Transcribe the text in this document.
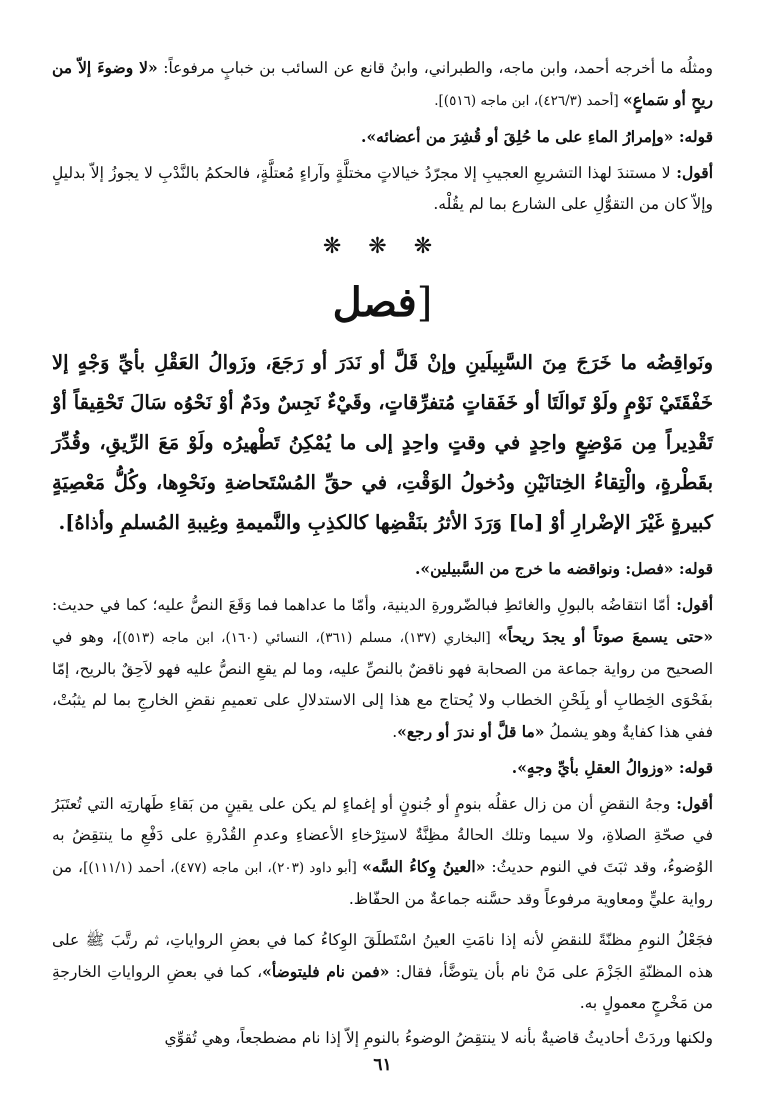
ومثلُه ما أخرجه أحمد، وابن ماجه، والطبراني، وابنُ قانع عن السائب بن خبابٍ مرفوعاً: «لا وضوءَ إلاّ من ريحٍ أو سَماعٍ» [أحمد (٤٢٦/٣)، ابن ماجه (٥١٦)].

قوله: «وإمرارُ الماءِ على ما حُلِقَ أو قُشِرَ من أعضائه».

أقول: لا مستندَ لهذا التشريعِ العجيبِ إلا مجرّدُ خيالاتٍ مختلَّةٍ وآراءٍ مُعتلَّةٍ، فالحكمُ بالنَّدْبِ لا يجوزُ إلاّ بدليلٍ وإلاّ كان من التقوُّلِ على الشارع بما لم يقُلْه.

❋ ❋ ❋
[فصل

ونَواقِضُه ما خَرَجَ مِنَ السَّبِيلَينِ وإنْ قَلَّ أو نَدَرَ أو رَجَعَ، وزَوالُ العَقْلِ بأيِّ وَجْهٍ إلا خَفْقَتَيْ نَوْمٍ ولَوْ تَوالَتَا أو خَفَقاتٍ مُتفرِّقاتٍ، وقَيْءٌ نَجِسٌ ودَمٌ أوْ نَحْوُه سَالَ تَحْقِيقاً أوْ تَقْدِيراً مِن مَوْضِعٍ واحِدٍ في وقتٍ واحِدٍ إلى ما يُمْكِنُ تَطْهيرُه ولَوْ مَعَ الرِّيقِ، وقُدِّرَ بقَطْرةٍ، والْتِقاءُ الخِتانَيْنِ ودُخولُ الوَقْتِ، في حقِّ المُسْتَحاضةِ ونَحْوِها، وكُلُّ مَعْصِيَةٍ كبيرةٍ غَيْرَ الإضْرارِ أوْ [ما] وَرَدَ الأثرُ بنَقْضِها كالكذِبِ والنَّميمةِ وغِيبةِ المُسلمِ وأذاهُ].

قوله: «فصل: ونواقضه ما خرج من السَّبيلين».

أقول: أمّا انتقاضُه بالبولِ والغائطِ فبالضّرورةِ الدينية، وأمّا ما عداهما فما وَقَعَ النصُّ عليه؛ كما في حديث: «حتى يسمعَ صوتاً أو يجدَ ريحاً» [البخاري (١٣٧)، مسلم (٣٦١)، النسائي (١٦٠)، ابن ماجه (٥١٣)]، وهو في الصحيح من رواية جماعة من الصحابة فهو ناقضٌ بالنصِّ عليه، وما لم يقعِ النصُّ عليه فهو لاَحِقٌ بالريح، إمّا بفَحْوَى الخِطابِ أو بِلَحْنِ الخطاب ولا يُحتاج مع هذا إلى الاستدلالِ على تعميمِ نقضِ الخارجِ بما لم يثبُتْ، ففي هذا كفايةٌ وهو يشملُ «ما قلَّ أو ندرَ أو رجع».

قوله: «وزوالُ العقلِ بأيِّ وجهٍ».

أقول: وجهُ النقضِ أن من زال عقلُه بنومٍ أو جُنونٍ أو إغماءٍ لم يكن على يقينٍ من بَقاءِ طَهارتِه التي تُعتَبَرُ في صحّةِ الصلاةِ، ولا سيما وتلك الحالةُ مظِنَّةٌ لاستِرْخاءِ الأعضاءِ وعدمِ القُدْرةِ على دَفْعِ ما ينتقِضُ به الوُضوءُ، وقد ثبَتَ في النوم حديثُ: «العينُ وِكاءُ السَّه» [أبو داود (٢٠٣)، ابن ماجه (٤٧٧)، أحمد (١١١/١)]، من رواية عليٍّ ومعاوية مرفوعاً وقد حسَّنه جماعةٌ من الحفّاظ.

فجَعْلُ النومِ مظنّةً للنقضِ لأنه إذا نامَتِ العينُ اسْتَطلَقَ الوِكاءُ كما في بعضِ الرواياتِ، ثم رتَّبَ ﷺ على هذه المظنّةِ الجَزْمَ على مَنْ نام بأن يتوضَّأ، فقال: «فمن نام فليتوضأ»، كما في بعضِ الرواياتِ الخارجةِ من مَخْرجٍ معمولٍ به.

ولكنها وردَتْ أحاديثُ قاضيةٌ بأنه لا ينتقِضُ الوضوءُ بالنومِ إلاّ إذا نام مضطجعاً، وهي تُقوِّي

٦١
